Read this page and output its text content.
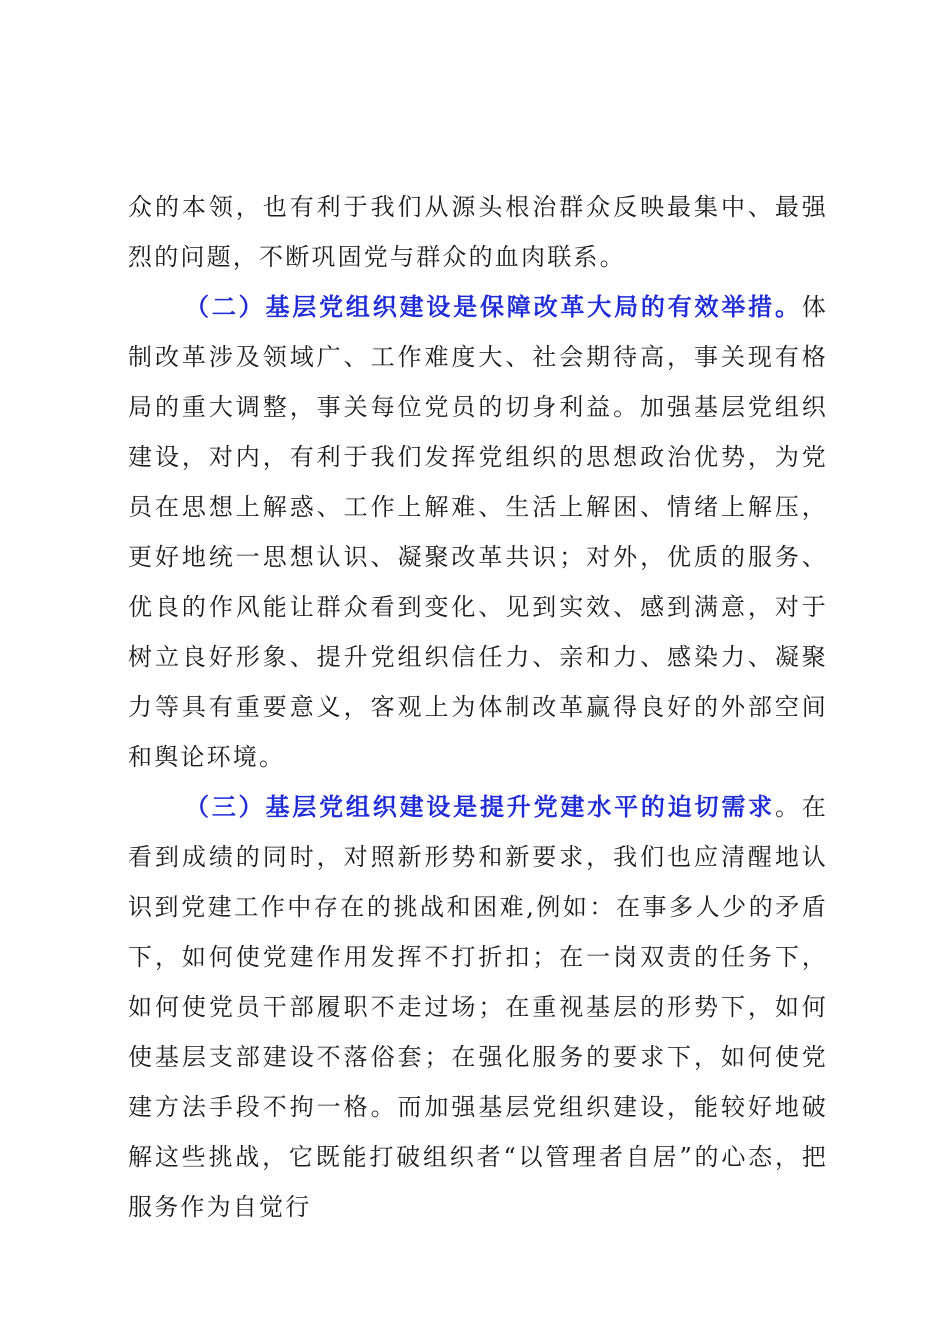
众的本领，也有利于我们从源头根治群众反映最集中、最强烈的问题，不断巩固党与群众的血肉联系。

（二）基层党组织建设是保障改革大局的有效举措。体制改革涉及领域广、工作难度大、社会期待高，事关现有格局的重大调整，事关每位党员的切身利益。加强基层党组织建设，对内，有利于我们发挥党组织的思想政治优势，为党员在思想上解惑、工作上解难、生活上解困、情绪上解压，更好地统一思想认识、凝聚改革共识；对外，优质的服务、优良的作风能让群众看到变化、见到实效、感到满意，对于树立良好形象、提升党组织信任力、亲和力、感染力、凝聚力等具有重要意义，客观上为体制改革赢得良好的外部空间和舆论环境。

（三）基层党组织建设是提升党建水平的迫切需求。在看到成绩的同时，对照新形势和新要求，我们也应清醒地认识到党建工作中存在的挑战和困难,例如：在事多人少的矛盾下，如何使党建作用发挥不打折扣；在一岗双责的任务下，如何使党员干部履职不走过场；在重视基层的形势下，如何使基层支部建设不落俗套；在强化服务的要求下，如何使党建方法手段不拘一格。而加强基层党组织建设，能较好地破解这些挑战，它既能打破组织者“以管理者自居”的心态，把服务作为自觉行
